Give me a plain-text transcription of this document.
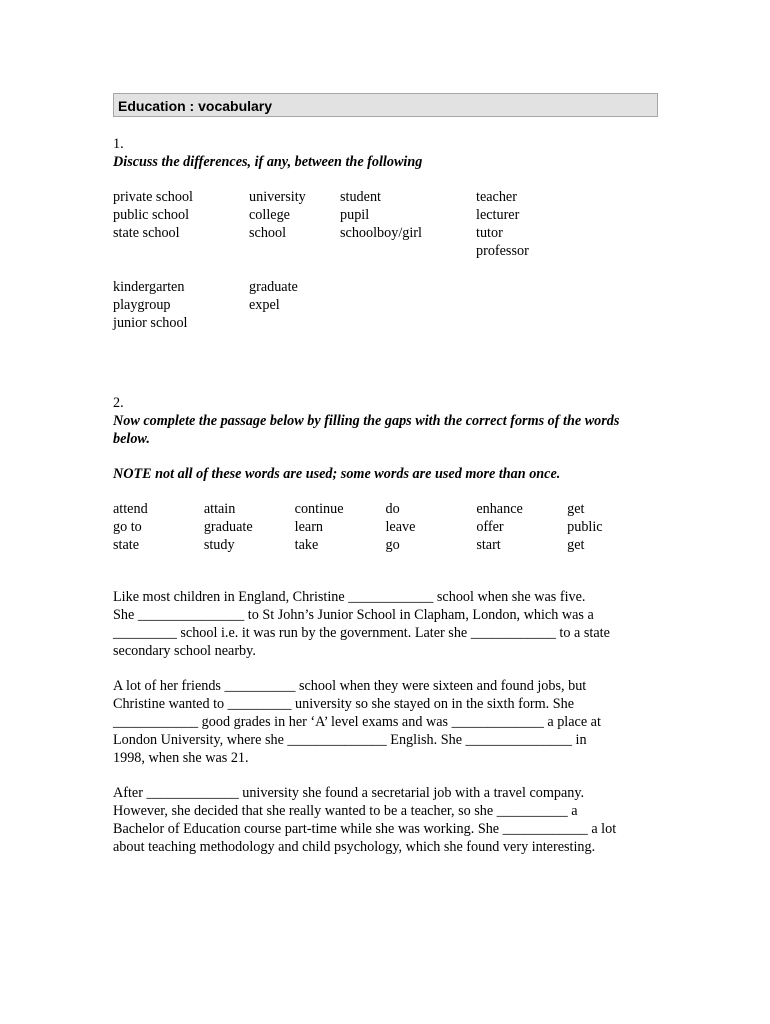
Education : vocabulary
1.
Discuss the differences, if any, between the following
private school
public school
state school
university
college
school
student
pupil
schoolboy/girl
teacher
lecturer
tutor
professor
kindergarten
playgroup
junior school
graduate
expel
2.
Now complete the passage below by filling the gaps with the correct forms of the words below.
NOTE not all of these words are used; some words are used more than once.
attend
go to
state
attain
graduate
study
continue
learn
take
do
leave
go
enhance
offer
start
get
public
get
Like most children in England, Christine ____________ school when she was five.
She _______________ to St John’s Junior School in Clapham, London, which was a
_________ school i.e. it was run by the government. Later she ____________ to a state
secondary school nearby.
A lot of her friends __________ school when they were sixteen and found jobs, but
Christine wanted to _________ university so she stayed on in the sixth form. She
____________ good grades in her ‘A’ level exams and was _____________ a place at
London University, where she ______________ English. She _______________ in
1998, when she was 21.
After _____________ university she found a secretarial job with a travel company.
However, she decided that she really wanted to be a teacher, so she __________ a
Bachelor of Education course part-time while she was working. She ____________ a lot
about teaching methodology and child psychology, which she found very interesting.
